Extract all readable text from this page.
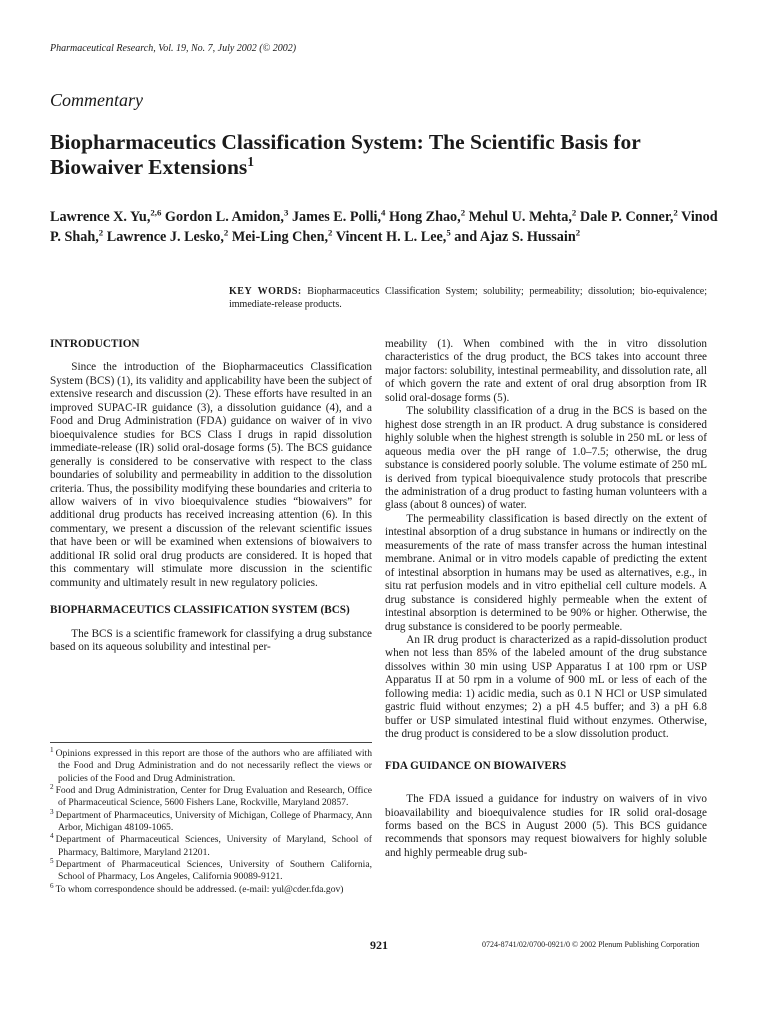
Pharmaceutical Research, Vol. 19, No. 7, July 2002 (© 2002)
Commentary
Biopharmaceutics Classification System: The Scientific Basis for Biowaiver Extensions$^1$
Lawrence X. Yu,$^{2,6}$ Gordon L. Amidon,$^3$ James E. Polli,$^4$ Hong Zhao,$^2$ Mehul U. Mehta,$^2$ Dale P. Conner,$^2$ Vinod P. Shah,$^2$ Lawrence J. Lesko,$^2$ Mei-Ling Chen,$^2$ Vincent H. L. Lee,$^5$ and Ajaz S. Hussain$^2$
KEY WORDS: Biopharmaceutics Classification System; solubility; permeability; dissolution; bio-equivalence; immediate-release products.
INTRODUCTION

Since the introduction of the Biopharmaceutics Classification System (BCS) (1), its validity and applicability have been the subject of extensive research and discussion (2). These efforts have resulted in an improved SUPAC-IR guidance (3), a dissolution guidance (4), and a Food and Drug Administration (FDA) guidance on waiver of in vivo bioequivalence studies for BCS Class I drugs in rapid dissolution immediate-release (IR) solid oral-dosage forms (5). The BCS guidance generally is considered to be conservative with respect to the class boundaries of solubility and permeability in addition to the dissolution criteria. Thus, the possibility modifying these boundaries and criteria to allow waivers of in vivo bioequivalence studies “biowaivers” for additional drug products has received increasing attention (6). In this commentary, we present a discussion of the relevant scientific issues that have been or will be examined when extensions of biowaivers to additional IR solid oral drug products are considered. It is hoped that this commentary will stimulate more discussion in the scientific community and ultimately result in new regulatory policies.

BIOPHARMACEUTICS CLASSIFICATION SYSTEM (BCS)

The BCS is a scientific framework for classifying a drug substance based on its aqueous solubility and intestinal per-

$^1$ Opinions expressed in this report are those of the authors who are affiliated with the Food and Drug Administration and do not necessarily reflect the views or policies of the Food and Drug Administration.
$^2$ Food and Drug Administration, Center for Drug Evaluation and Research, Office of Pharmaceutical Science, 5600 Fishers Lane, Rockville, Maryland 20857.
$^3$ Department of Pharmaceutics, University of Michigan, College of Pharmacy, Ann Arbor, Michigan 48109-1065.
$^4$ Department of Pharmaceutical Sciences, University of Maryland, School of Pharmacy, Baltimore, Maryland 21201.
$^5$ Department of Pharmaceutical Sciences, University of Southern California, School of Pharmacy, Los Angeles, California 90089-9121.
$^6$ To whom correspondence should be addressed. (e-mail: yul@cder.fda.gov)

meability (1). When combined with the in vitro dissolution characteristics of the drug product, the BCS takes into account three major factors: solubility, intestinal permeability, and dissolution rate, all of which govern the rate and extent of oral drug absorption from IR solid oral-dosage forms (5).

The solubility classification of a drug in the BCS is based on the highest dose strength in an IR product. A drug substance is considered highly soluble when the highest strength is soluble in 250 mL or less of aqueous media over the pH range of 1.0–7.5; otherwise, the drug substance is considered poorly soluble. The volume estimate of 250 mL is derived from typical bioequivalence study protocols that prescribe the administration of a drug product to fasting human volunteers with a glass (about 8 ounces) of water.

The permeability classification is based directly on the extent of intestinal absorption of a drug substance in humans or indirectly on the measurements of the rate of mass transfer across the human intestinal membrane. Animal or in vitro models capable of predicting the extent of intestinal absorption in humans may be used as alternatives, e.g., in situ rat perfusion models and in vitro epithelial cell culture models. A drug substance is considered highly permeable when the extent of intestinal absorption is determined to be 90% or higher. Otherwise, the drug substance is considered to be poorly permeable.

An IR drug product is characterized as a rapid-dissolution product when not less than 85% of the labeled amount of the drug substance dissolves within 30 min using USP Apparatus I at 100 rpm or USP Apparatus II at 50 rpm in a volume of 900 mL or less of each of the following media: 1) acidic media, such as 0.1 N HCl or USP simulated gastric fluid without enzymes; 2) a pH 4.5 buffer; and 3) a pH 6.8 buffer or USP simulated intestinal fluid without enzymes. Otherwise, the drug product is considered to be a slow dissolution product.

FDA GUIDANCE ON BIOWAIVERS

The FDA issued a guidance for industry on waivers of in vivo bioavailability and bioequivalence studies for IR solid oral-dosage forms based on the BCS in August 2000 (5). This BCS guidance recommends that sponsors may request biowaivers for highly soluble and highly permeable drug sub-

921	0724-8741/02/0700-0921/0 © 2002 Plenum Publishing Corporation
